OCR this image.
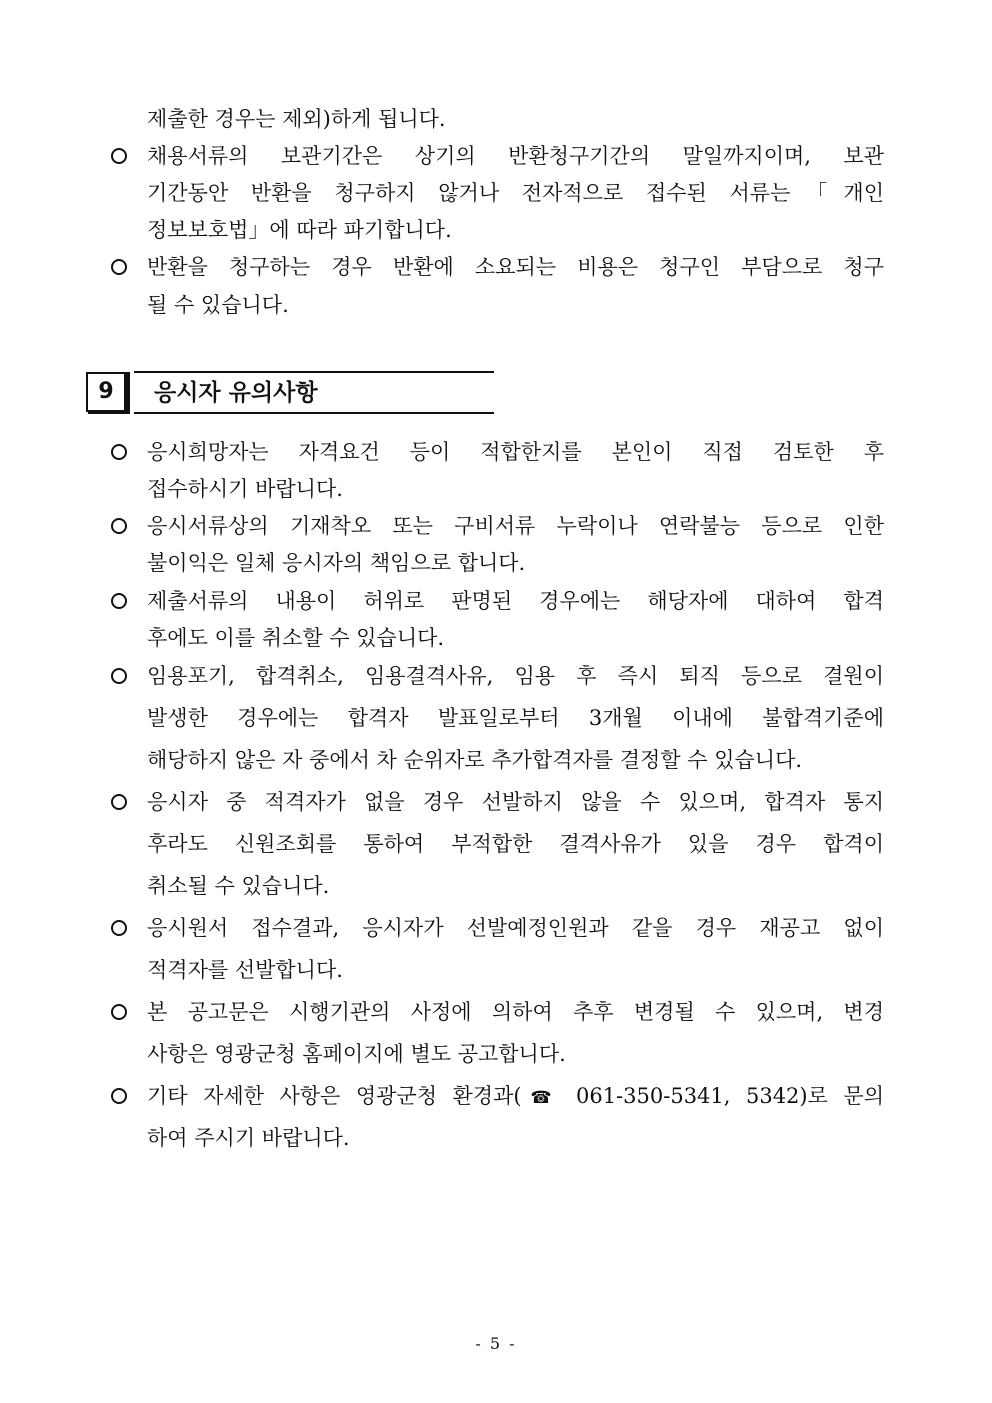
제출한 경우는 제외)하게 됩니다.
채용서류의 보관기간은 상기의 반환청구기간의 말일까지이며, 보관
기간동안 반환을 청구하지 않거나 전자적으로 접수된 서류는「개인
정보보호법」에 따라 파기합니다.
반환을 청구하는 경우 반환에 소요되는 비용은 청구인 부담으로 청구
될 수 있습니다.
9	응시자 유의사항
응시희망자는 자격요건 등이 적합한지를 본인이 직접 검토한 후
접수하시기 바랍니다.
응시서류상의 기재착오 또는 구비서류 누락이나 연락불능 등으로 인한
불이익은 일체 응시자의 책임으로 합니다.
제출서류의 내용이 허위로 판명된 경우에는 해당자에 대하여 합격
후에도 이를 취소할 수 있습니다.
임용포기, 합격취소, 임용결격사유, 임용 후 즉시 퇴직 등으로 결원이
발생한 경우에는 합격자 발표일로부터 3개월 이내에 불합격기준에
해당하지 않은 자 중에서 차 순위자로 추가합격자를 결정할 수 있습니다.
응시자 중 적격자가 없을 경우 선발하지 않을 수 있으며, 합격자 통지
후라도 신원조회를 통하여 부적합한 결격사유가 있을 경우 합격이
취소될 수 있습니다.
응시원서 접수결과, 응시자가 선발예정인원과 같을 경우 재공고 없이
적격자를 선발합니다.
본 공고문은 시행기관의 사정에 의하여 추후 변경될 수 있으며, 변경
사항은 영광군청 홈페이지에 별도 공고합니다.
기타 자세한 사항은 영광군청 환경과(☎ 061-350-5341, 5342)로 문의
하여 주시기 바랍니다.
- 5 -
